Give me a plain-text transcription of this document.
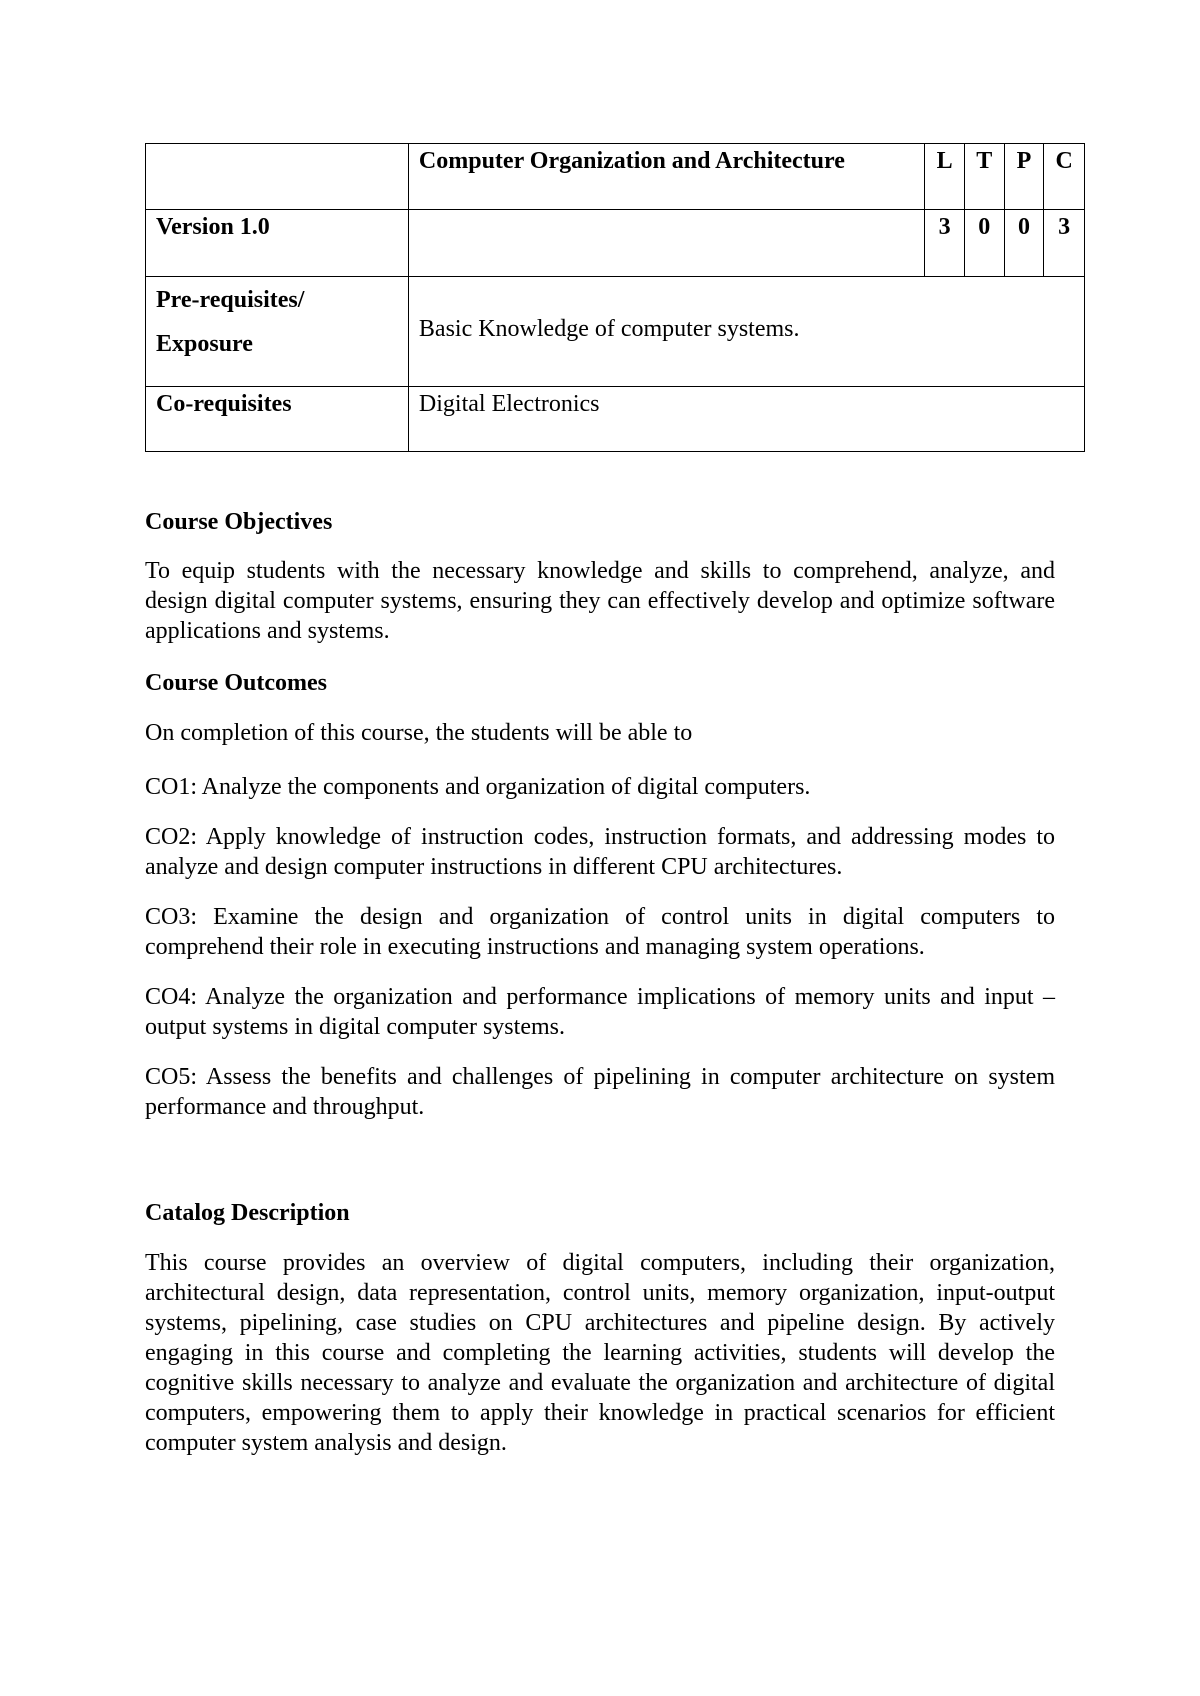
	Computer Organization and Architecture	L	T	P	C
Version 1.0		3	0	0	3
Pre-requisites/
Exposure	Basic Knowledge of computer systems.				
Co-requisites	Digital Electronics				
Course Objectives

To equip students with the necessary knowledge and skills to comprehend, analyze, and design digital computer systems, ensuring they can effectively develop and optimize software applications and systems.

Course Outcomes

On completion of this course, the students will be able to

CO1: Analyze the components and organization of digital computers.

CO2: Apply knowledge of instruction codes, instruction formats, and addressing modes to analyze and design computer instructions in different CPU architectures.

CO3: Examine the design and organization of control units in digital computers to comprehend their role in executing instructions and managing system operations.

CO4: Analyze the organization and performance implications of memory units and input –output systems in digital computer systems.

CO5: Assess the benefits and challenges of pipelining in computer architecture on system performance and throughput.

Catalog Description

This course provides an overview of digital computers, including their organization, architectural design, data representation, control units, memory organization, input-output systems, pipelining, case studies on CPU architectures and pipeline design. By actively engaging in this course and completing the learning activities, students will develop the cognitive skills necessary to analyze and evaluate the organization and architecture of digital computers, empowering them to apply their knowledge in practical scenarios for efficient computer system analysis and design.
